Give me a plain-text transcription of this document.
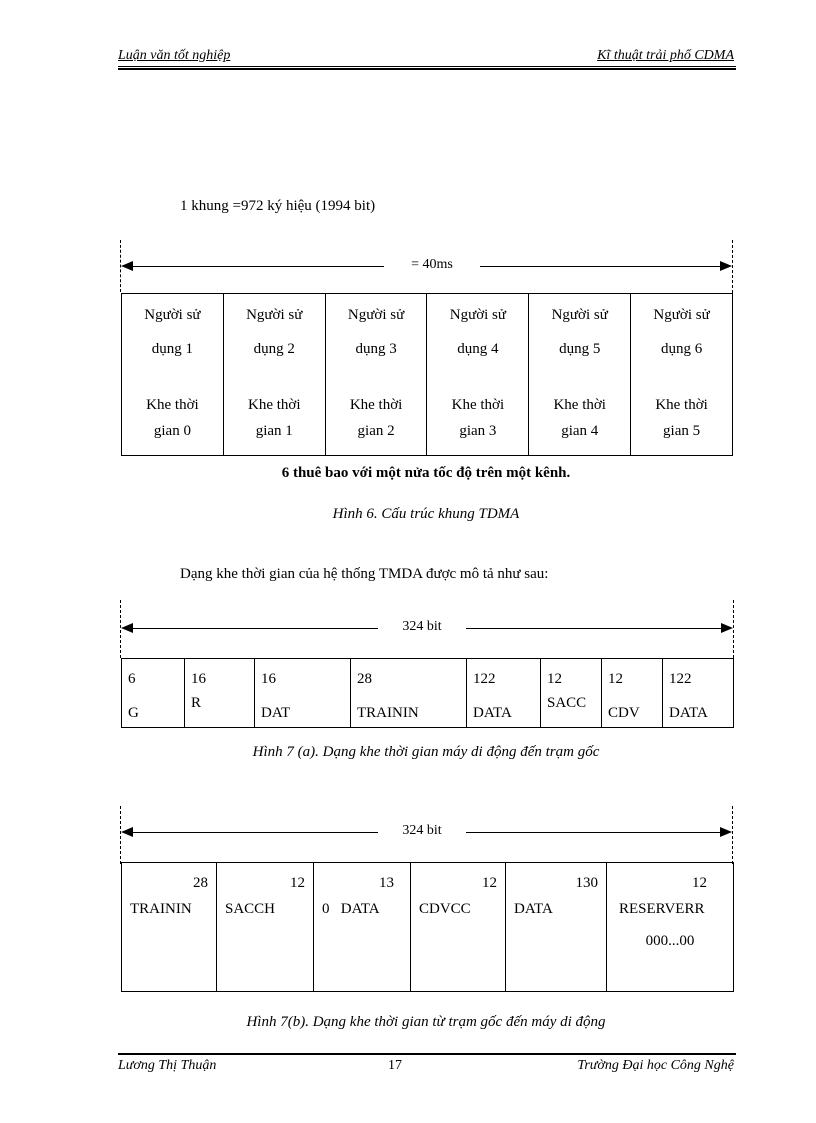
Luận văn tốt nghiệp	Kĩ thuật trải phổ CDMA
1 khung =972 ký hiệu (1994 bit)
= 40ms
Người sử
dụng 1
Khe thời
gian 0

Người sử
dụng 2
Khe thời
gian 1

Người sử
dụng 3
Khe thời
gian 2

Người sử
dụng 4
Khe thời
gian 3

Người sử
dụng 5
Khe thời
gian 4

Người sử
dụng 6
Khe thời
gian 5
6 thuê bao với một nửa tốc độ trên một kênh.
Hình 6. Cấu trúc khung TDMA
Dạng khe thời gian của hệ thống TMDA được mô tả như sau:
324 bit
6
G

16
R

16
DAT

28
TRAININ

122
DATA

12
SACC

12
CDV

122
DATA
Hình 7 (a). Dạng khe thời gian máy di động đến trạm gốc
324 bit
28
TRAININ

12
SACCH

13
0   DATA

12
CDVCC

130
DATA

12
RESERVERR
000...00
Hình 7(b). Dạng khe thời gian từ trạm gốc đến máy di động
Lương Thị Thuận	17	Trường Đại học Công Nghệ
